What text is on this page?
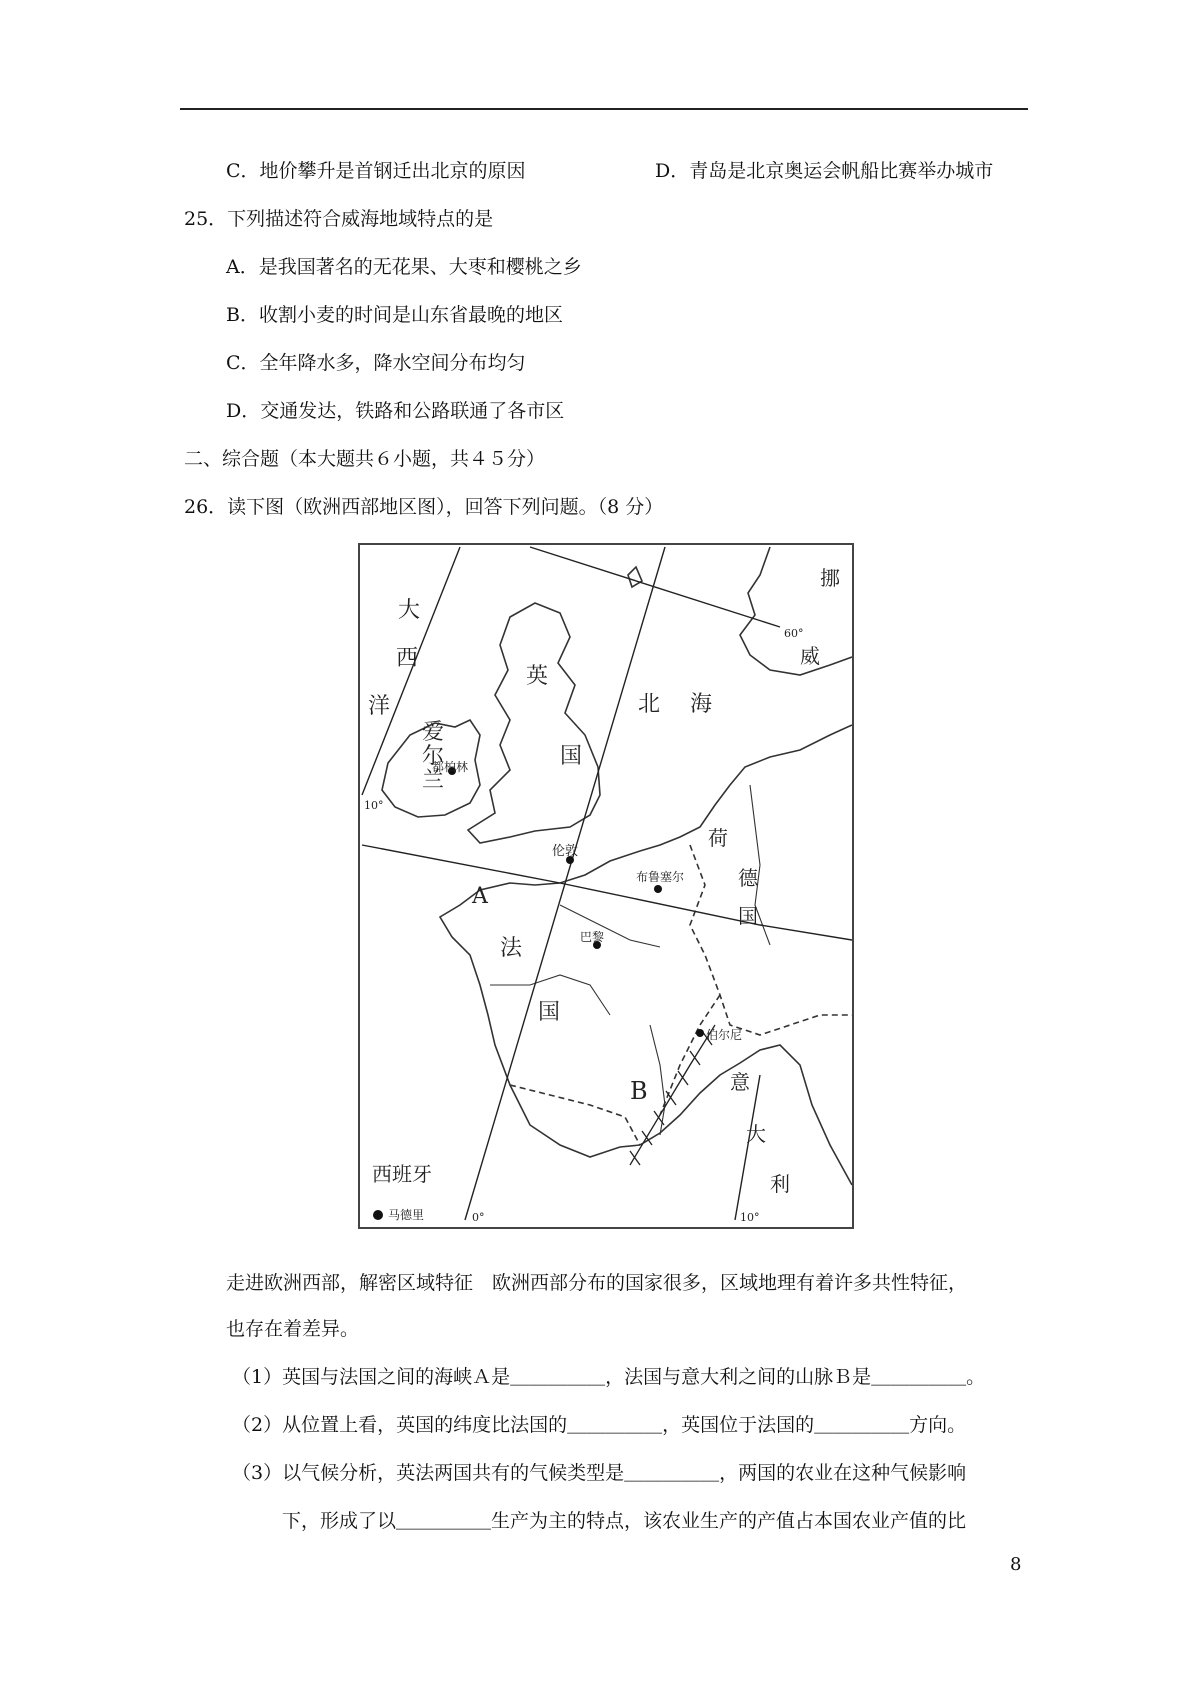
C．地价攀升是首钢迁出北京的原因	D．青岛是北京奥运会帆船比赛举办城市
25．下列描述符合威海地域特点的是
A．是我国著名的无花果、大枣和樱桃之乡
B．收割小麦的时间是山东省最晚的地区
C．全年降水多，降水空间分布均匀
D．交通发达，铁路和公路联通了各市区
二、综合题（本大题共６小题，共４５分）
26．读下图（欧洲西部地区图），回答下列问题。（8 分）
大
西
洋
英
国
北 海
挪
威
爱
尔
兰
都柏林
伦敦
布鲁塞尔
荷
德
国
A
巴黎
法
国
伯尔尼
B	意
大
利
西班牙
马德里
60°
10°
0°	10°
走进欧洲西部，解密区域特征　欧洲西部分布的国家很多，区域地理有着许多共性特征，
也存在着差异。
（1）英国与法国之间的海峡Ａ是＿＿＿＿＿，法国与意大利之间的山脉Ｂ是＿＿＿＿＿。
（2）从位置上看，英国的纬度比法国的＿＿＿＿＿，英国位于法国的＿＿＿＿＿方向。
（3）以气候分析，英法两国共有的气候类型是＿＿＿＿＿，两国的农业在这种气候影响
下，形成了以＿＿＿＿＿生产为主的特点，该农业生产的产值占本国农业产值的比
8
